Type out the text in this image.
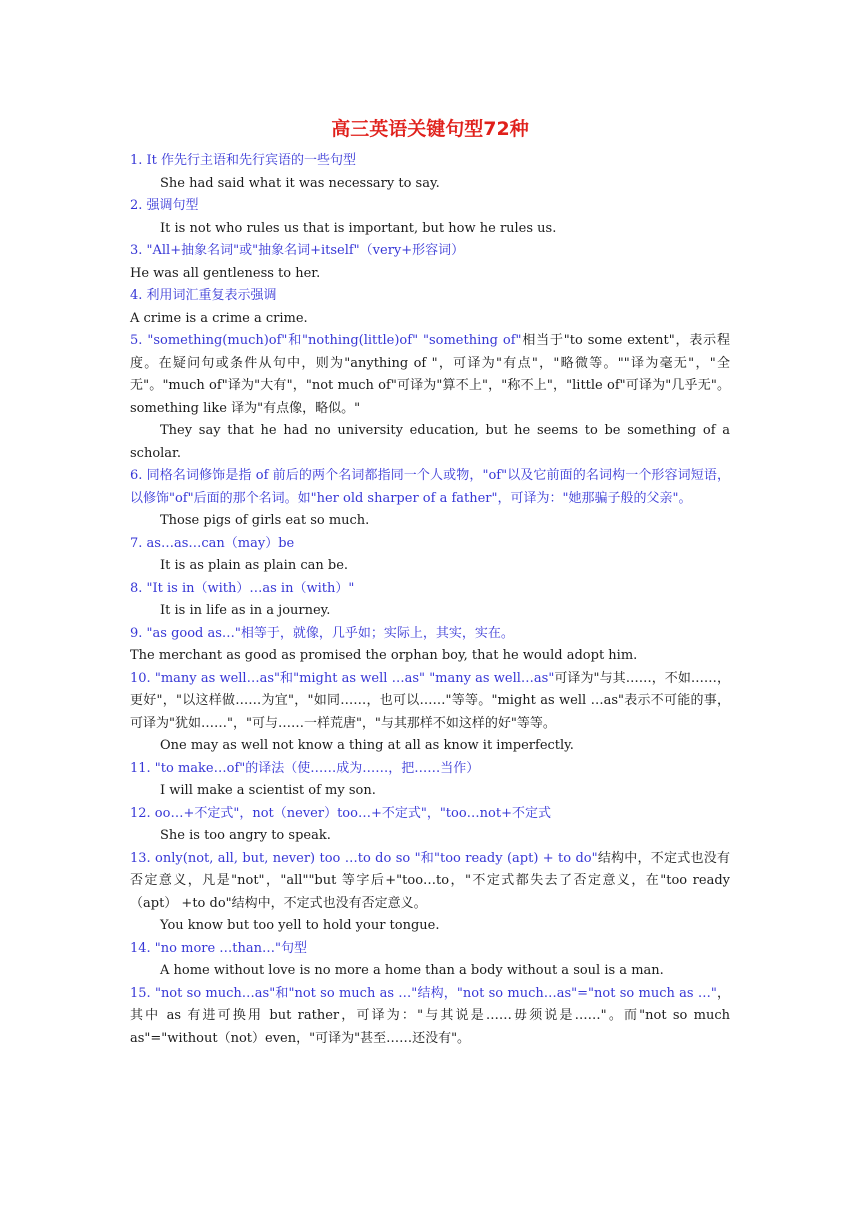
高三英语关键句型72种

1. It 作先行主语和先行宾语的一些句型

She had said what it was necessary to say.

2. 强调句型

It is not who rules us that is important, but how he rules us.

3. "All+抽象名词"或"抽象名词+itself"（very+形容词）

He was all gentleness to her.

4. 利用词汇重复表示强调

A crime is a crime a crime.

5. "something(much)of"和"nothing(little)of" "something of"相当于"to some extent"，表示程度。在疑问句或条件从句中，则为"anything of "，可译为"有点"，"略微等。""译为毫无"，"全无"。"much of"译为"大有"，"not much of"可译为"算不上"，"称不上"，"little of"可译为"几乎无"。something like 译为"有点像，略似。"

They say that he had no university education, but he seems to be something of a scholar.

6. 同格名词修饰是指 of 前后的两个名词都指同一个人或物，"of"以及它前面的名词构一个形容词短语，以修饰"of"后面的那个名词。如"her old sharper of a father"，可译为："她那骗子般的父亲"。

Those pigs of girls eat so much.

7. as…as…can（may）be

It is as plain as plain can be.

8. "It is in（with）…as in（with）"

It is in life as in a journey.

9. "as good as…"相等于，就像，几乎如；实际上，其实，实在。

The merchant as good as promised the orphan boy, that he would adopt him.

10. "many as well…as"和"might as well …as" "many as well…as"可译为"与其……，不如……，更好"，"以这样做……为宜"，"如同……，也可以……"等等。"might as well …as"表示不可能的事，可译为"犹如……"，"可与……一样荒唐"，"与其那样不如这样的好"等等。

One may as well not know a thing at all as know it imperfectly.

11. "to make…of"的译法（使……成为……，把……当作）

I will make a scientist of my son.

12. oo…+不定式"，not（never）too…+不定式"，"too…not+不定式

She is too angry to speak.

13. only(not, all, but, never) too …to do so "和"too ready (apt) + to do"结构中，不定式也没有否定意义，凡是"not"，"all""but 等字后+"too…to，"不定式都失去了否定意义，在"too ready（apt） +to do"结构中，不定式也没有否定意义。

You know but too yell to hold your tongue.

14. "no more …than…"句型

A home without love is no more a home than a body without a soul is a man.

15. "not so much…as"和"not so much as …"结构，"not so much…as"="not so much as …"，其中 as 有进可换用 but rather，可译为："与其说是……毋须说是……"。而"not so much as"="without（not）even，"可译为"甚至……还没有"。
